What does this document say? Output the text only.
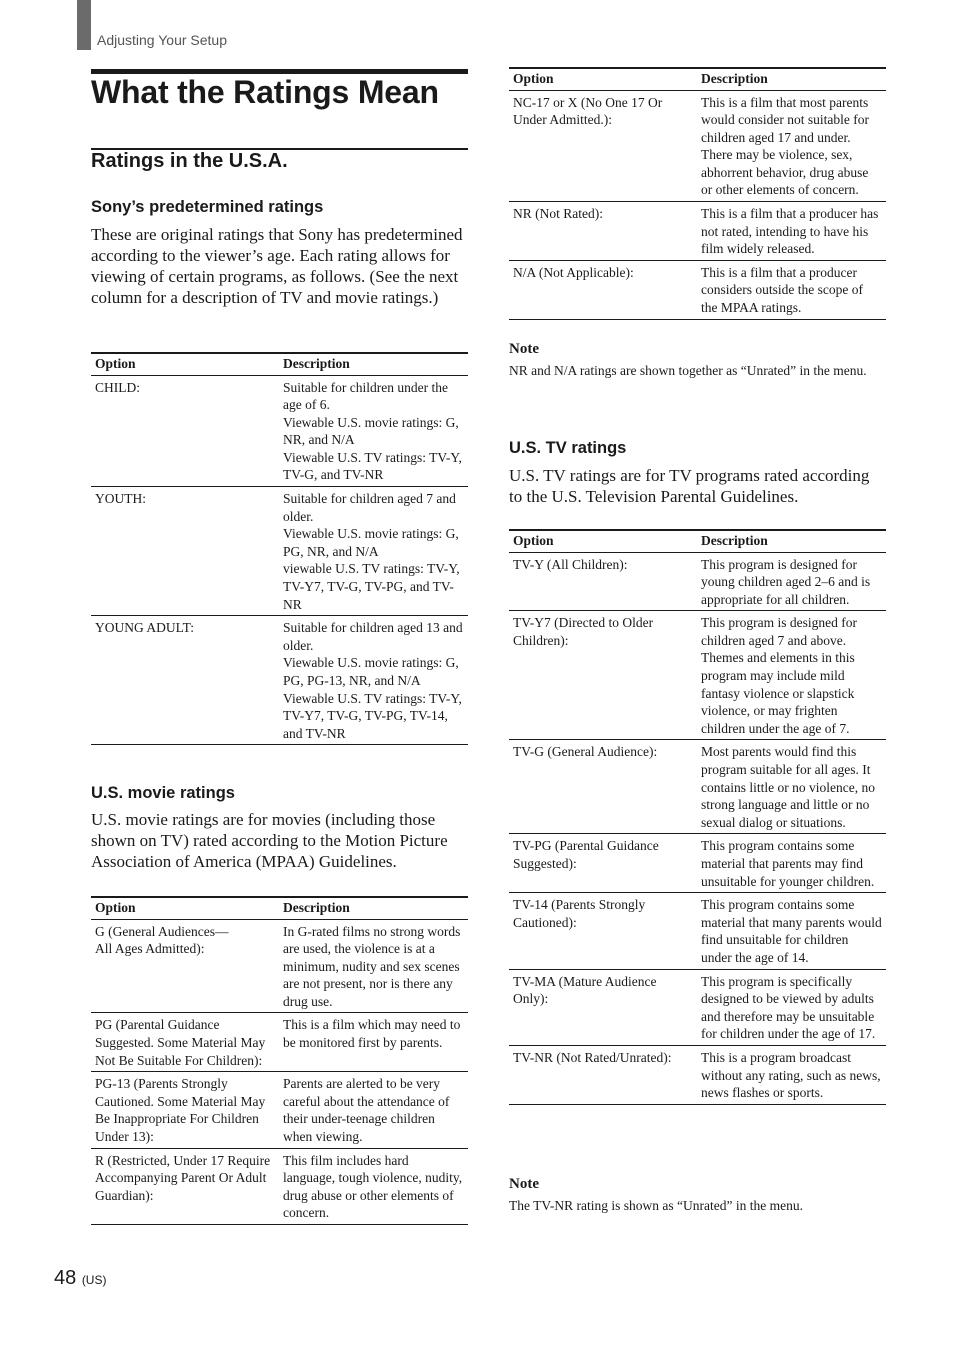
Adjusting Your Setup
What the Ratings Mean
Ratings in the U.S.A.
Sony’s predetermined ratings

These are original ratings that Sony has predetermined according to the viewer’s age. Each rating allows for viewing of certain programs, as follows. (See the next column for a description of TV and movie ratings.)

Option	Description
CHILD:	Suitable for children under the age of 6.
Viewable U.S. movie ratings: G, NR, and N/A
Viewable U.S. TV ratings: TV-Y, TV-G, and TV-NR
YOUTH:	Suitable for children aged 7 and older.
Viewable U.S. movie ratings: G, PG, NR, and N/A
viewable U.S. TV ratings: TV-Y, TV-Y7, TV-G, TV-PG, and TV-NR
YOUNG ADULT:	Suitable for children aged 13 and older.
Viewable U.S. movie ratings: G, PG, PG-13, NR, and N/A
Viewable U.S. TV ratings: TV-Y, TV-Y7, TV-G, TV-PG, TV-14, and TV-NR
U.S. movie ratings

U.S. movie ratings are for movies (including those shown on TV) rated according to the Motion Picture Association of America (MPAA) Guidelines.

Option	Description
G (General Audiences—
All Ages Admitted):	In G-rated films no strong words are used, the violence is at a minimum, nudity and sex scenes are not present, nor is there any drug use.
PG (Parental Guidance Suggested. Some Material May Not Be Suitable For Children):	This is a film which may need to be monitored first by parents.
PG-13 (Parents Strongly Cautioned. Some Material May Be Inappropriate For Children Under 13):	Parents are alerted to be very careful about the attendance of their under-teenage children when viewing.
R (Restricted, Under 17 Require Accompanying Parent Or Adult Guardian):	This film includes hard language, tough violence, nudity, drug abuse or other elements of concern.
Option	Description
NC-17 or X (No One 17 Or Under Admitted.):	This is a film that most parents would consider not suitable for children aged 17 and under. There may be violence, sex, abhorrent behavior, drug abuse or other elements of concern.
NR (Not Rated):	This is a film that a producer has not rated, intending to have his film widely released.
N/A (Not Applicable):	This is a film that a producer considers outside the scope of the MPAA ratings.
Note
NR and N/A ratings are shown together as “Unrated” in the menu.
U.S. TV ratings

U.S. TV ratings are for TV programs rated according to the U.S. Television Parental Guidelines.

Option	Description
TV-Y (All Children):	This program is designed for young children aged 2–6 and is appropriate for all children.
TV-Y7 (Directed to Older
Children):	This program is designed for children aged 7 and above. Themes and elements in this program may include mild fantasy violence or slapstick violence, or may frighten children under the age of 7.
TV-G (General Audience):	Most parents would find this program suitable for all ages. It contains little or no violence, no strong language and little or no sexual dialog or situations.
TV-PG (Parental Guidance Suggested):	This program contains some material that parents may find unsuitable for younger children.
TV-14 (Parents Strongly Cautioned):	This program contains some material that many parents would find unsuitable for children under the age of 14.
TV-MA (Mature Audience Only):	This program is specifically designed to be viewed by adults and therefore may be unsuitable for children under the age of 17.
TV-NR (Not Rated/Unrated):	This is a program broadcast without any rating, such as news, news flashes or sports.
Note
The TV-NR rating is shown as “Unrated” in the menu.
48 (US)
